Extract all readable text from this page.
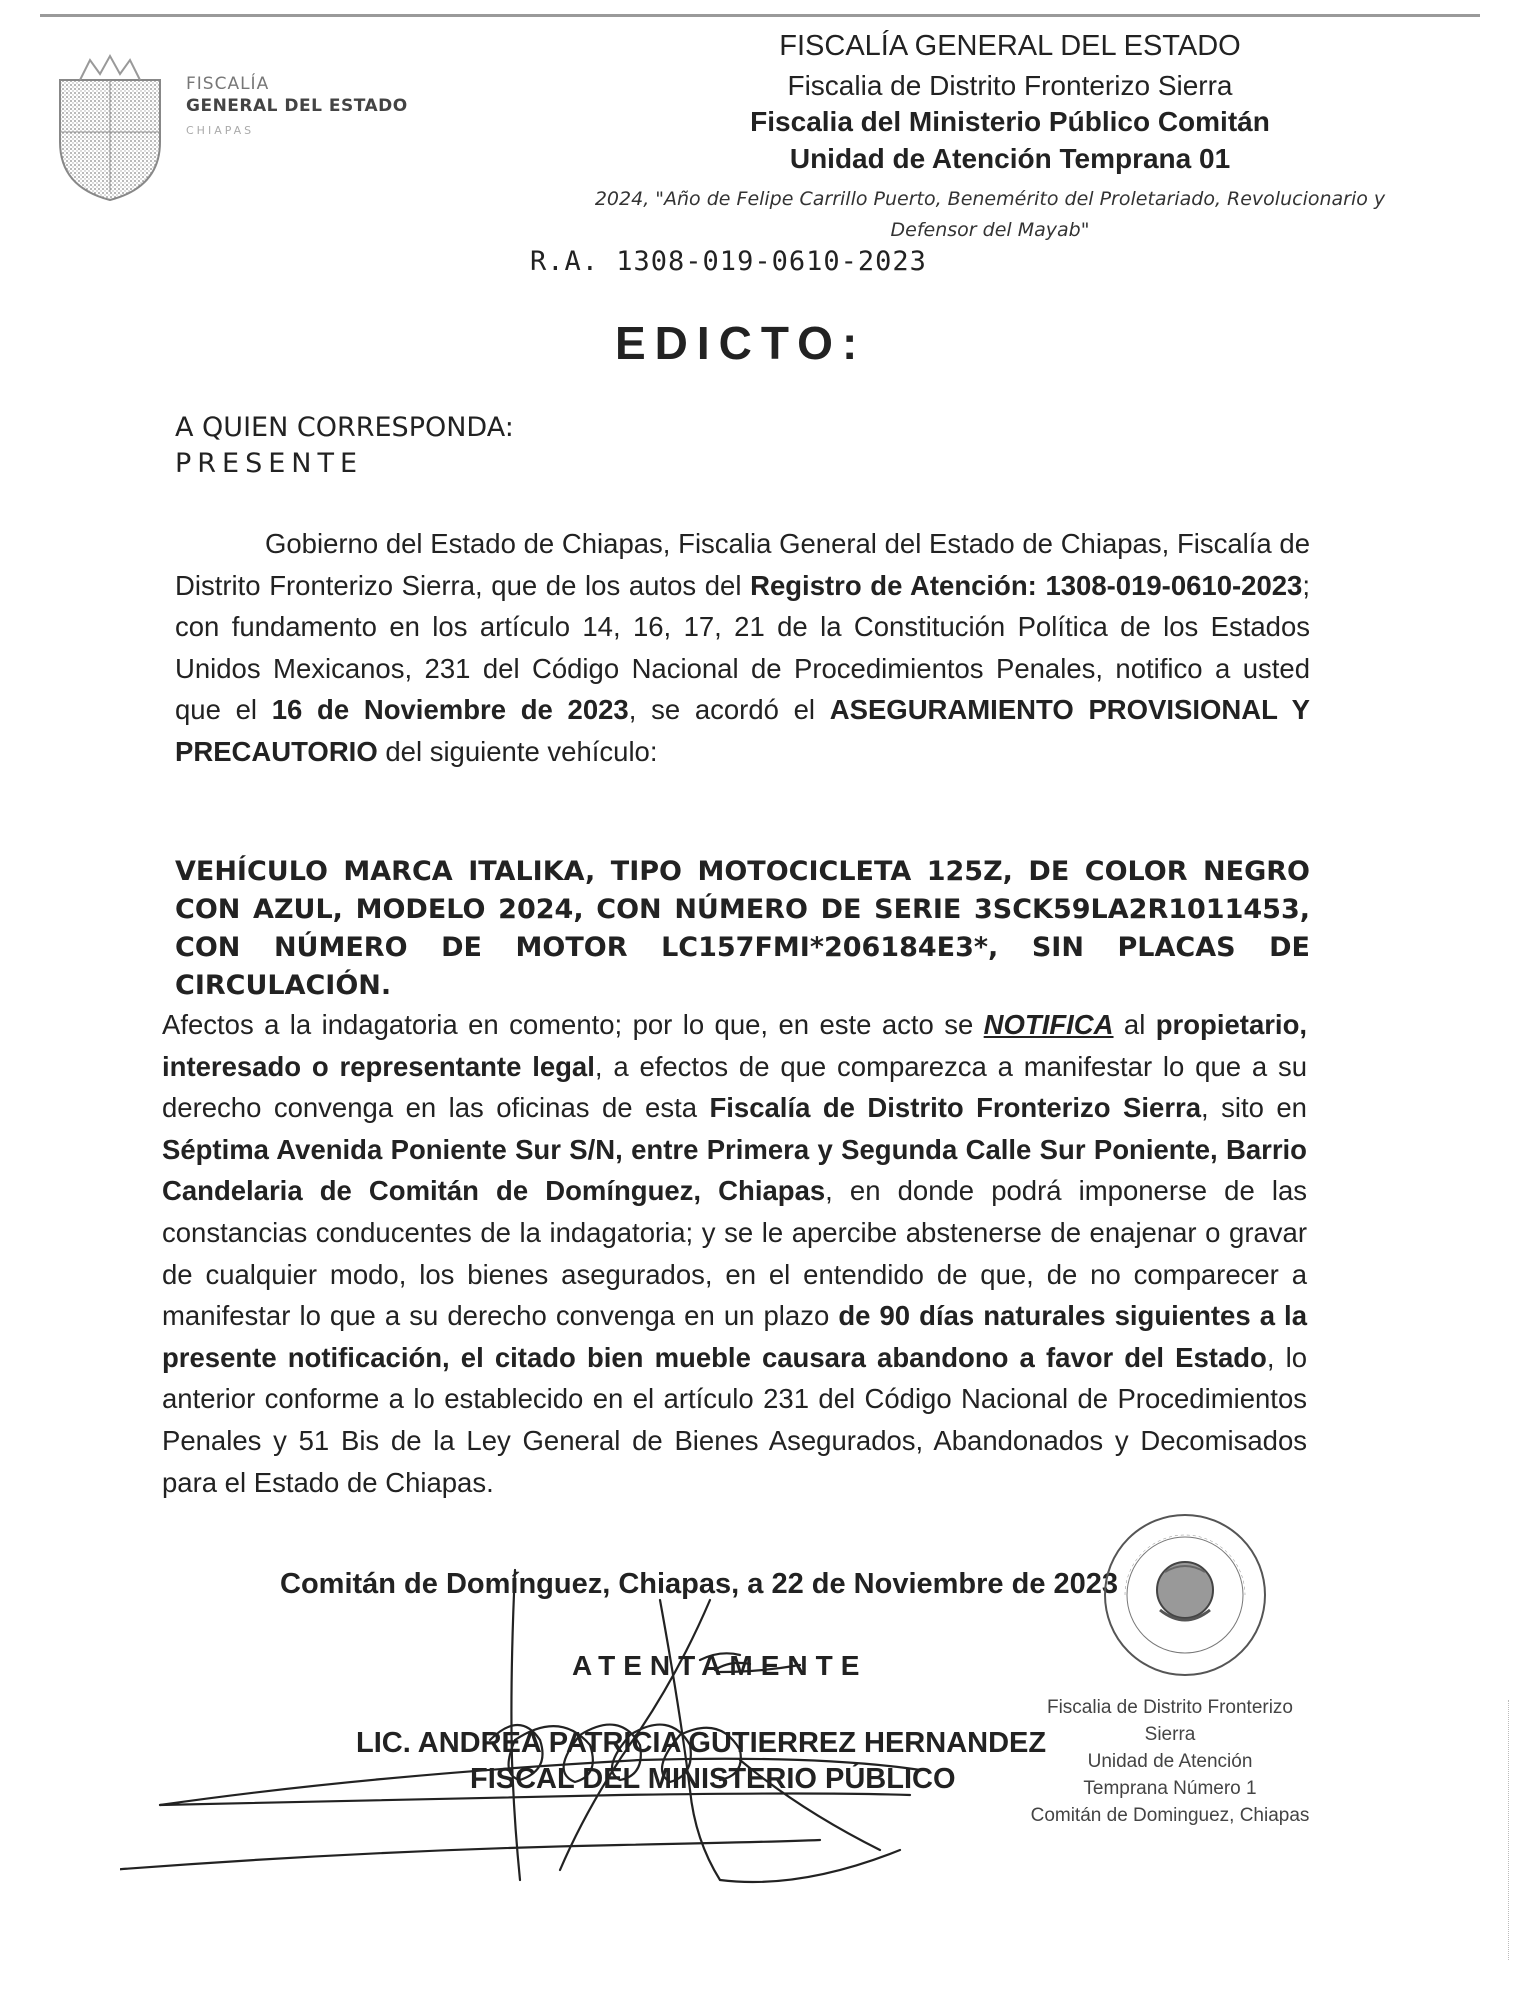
FISCALÍA
GENERAL DEL ESTADO
CHIAPAS
FISCALÍA GENERAL DEL ESTADO
Fiscalia de Distrito Fronterizo Sierra
Fiscalia del Ministerio Público Comitán
Unidad de Atención Temprana 01
2024, "Año de Felipe Carrillo Puerto, Benemérito del Proletariado, Revolucionario y
Defensor del Mayab"
R.A. 1308-019-0610-2023
EDICTO:
A QUIEN CORRESPONDA:
PRESENTE
Gobierno del Estado de Chiapas, Fiscalia General del Estado de Chiapas, Fiscalía de Distrito Fronterizo Sierra, que de los autos del Registro de Atención: 1308-019-0610-2023; con fundamento en los artículo 14, 16, 17, 21 de la Constitución Política de los Estados Unidos Mexicanos, 231 del Código Nacional de Procedimientos Penales, notifico a usted que el 16 de Noviembre de 2023, se acordó el ASEGURAMIENTO PROVISIONAL Y PRECAUTORIO del siguiente vehículo:
VEHÍCULO MARCA ITALIKA, TIPO MOTOCICLETA 125Z, DE COLOR NEGRO CON AZUL, MODELO 2024, CON NÚMERO DE SERIE 3SCK59LA2R1011453, CON NÚMERO DE MOTOR LC157FMI*206184E3*, SIN PLACAS DE CIRCULACIÓN.
Afectos a la indagatoria en comento; por lo que, en este acto se NOTIFICA al propietario, interesado o representante legal, a efectos de que comparezca a manifestar lo que a su derecho convenga en las oficinas de esta Fiscalía de Distrito Fronterizo Sierra, sito en Séptima Avenida Poniente Sur S/N, entre Primera y Segunda Calle Sur Poniente, Barrio Candelaria de Comitán de Domínguez, Chiapas, en donde podrá imponerse de las constancias conducentes de la indagatoria; y se le apercibe abstenerse de enajenar o gravar de cualquier modo, los bienes asegurados, en el entendido de que, de no comparecer a manifestar lo que a su derecho convenga en un plazo de 90 días naturales siguientes a la presente notificación, el citado bien mueble causara abandono a favor del Estado, lo anterior conforme a lo establecido en el artículo 231 del Código Nacional de Procedimientos Penales y 51 Bis de la Ley General de Bienes Asegurados, Abandonados y Decomisados para el Estado de Chiapas.
Comitán de Domínguez, Chiapas, a 22 de Noviembre de 2023
ATENTAMENTE
LIC. ANDREA PATRICIA GUTIERREZ HERNANDEZ
FISCAL DEL MINISTERIO PÚBLICO
Fiscalia de Distrito Fronterizo
Sierra
Unidad de Atención
Temprana Número 1
Comitán de Dominguez, Chiapas
